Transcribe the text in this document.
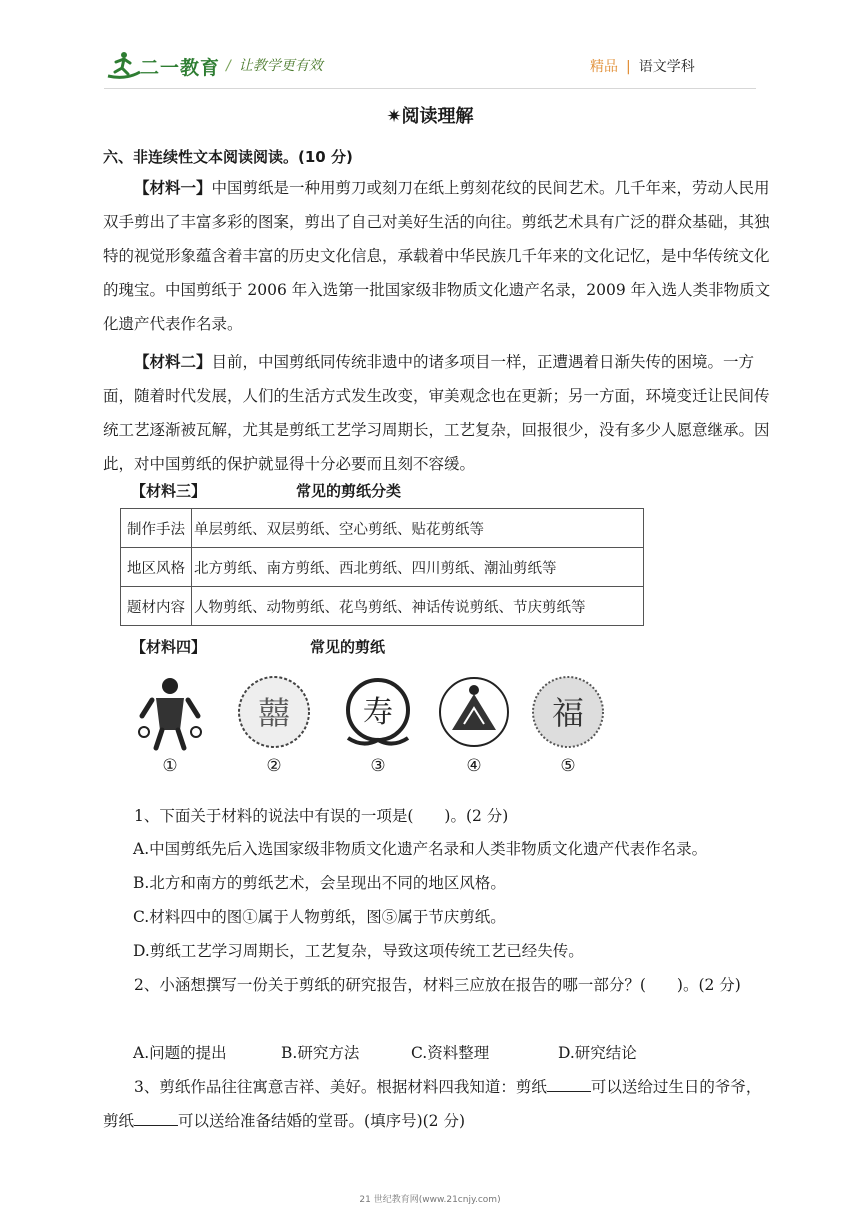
二一教育 / 让教学更有效	精品 | 语文学科
✷阅读理解
六、非连续性文本阅读阅读。(10 分)
【材料一】中国剪纸是一种用剪刀或刻刀在纸上剪刻花纹的民间艺术。几千年来，劳动人民用双手剪出了丰富多彩的图案，剪出了自己对美好生活的向往。剪纸艺术具有广泛的群众基础，其独特的视觉形象蕴含着丰富的历史文化信息，承载着中华民族几千年来的文化记忆，是中华传统文化的瑰宝。中国剪纸于 2006 年入选第一批国家级非物质文化遗产名录，2009 年入选人类非物质文化遗产代表作名录。
【材料二】目前，中国剪纸同传统非遗中的诸多项目一样，正遭遇着日渐失传的困境。一方面，随着时代发展，人们的生活方式发生改变，审美观念也在更新；另一方面，环境变迁让民间传统工艺逐渐被瓦解，尤其是剪纸工艺学习周期长，工艺复杂，回报很少，没有多少人愿意继承。因此，对中国剪纸的保护就显得十分必要而且刻不容缓。
【材料三】	常见的剪纸分类
制作手法	单层剪纸、双层剪纸、空心剪纸、贴花剪纸等
地区风格	北方剪纸、南方剪纸、西北剪纸、四川剪纸、潮汕剪纸等
题材内容	人物剪纸、动物剪纸、花鸟剪纸、神话传说剪纸、节庆剪纸等
【材料四】	常见的剪纸
①
囍
②
寿
③	④
福
⑤
1、下面关于材料的说法中有误的一项是(　　)。(2 分)
A.中国剪纸先后入选国家级非物质文化遗产名录和人类非物质文化遗产代表作名录。
B.北方和南方的剪纸艺术，会呈现出不同的地区风格。
C.材料四中的图①属于人物剪纸，图⑤属于节庆剪纸。
D.剪纸工艺学习周期长，工艺复杂，导致这项传统工艺已经失传。
2、小涵想撰写一份关于剪纸的研究报告，材料三应放在报告的哪一部分？(　　)。(2 分)
A.问题的提出	B.研究方法	C.资料整理	D.研究结论
3、剪纸作品往往寓意吉祥、美好。根据材料四我知道：剪纸	可以送给过生日的爷爷，剪纸	可以送给准备结婚的堂哥。(填序号)(2 分)
21 世纪教育网(www.21cnjy.com)
